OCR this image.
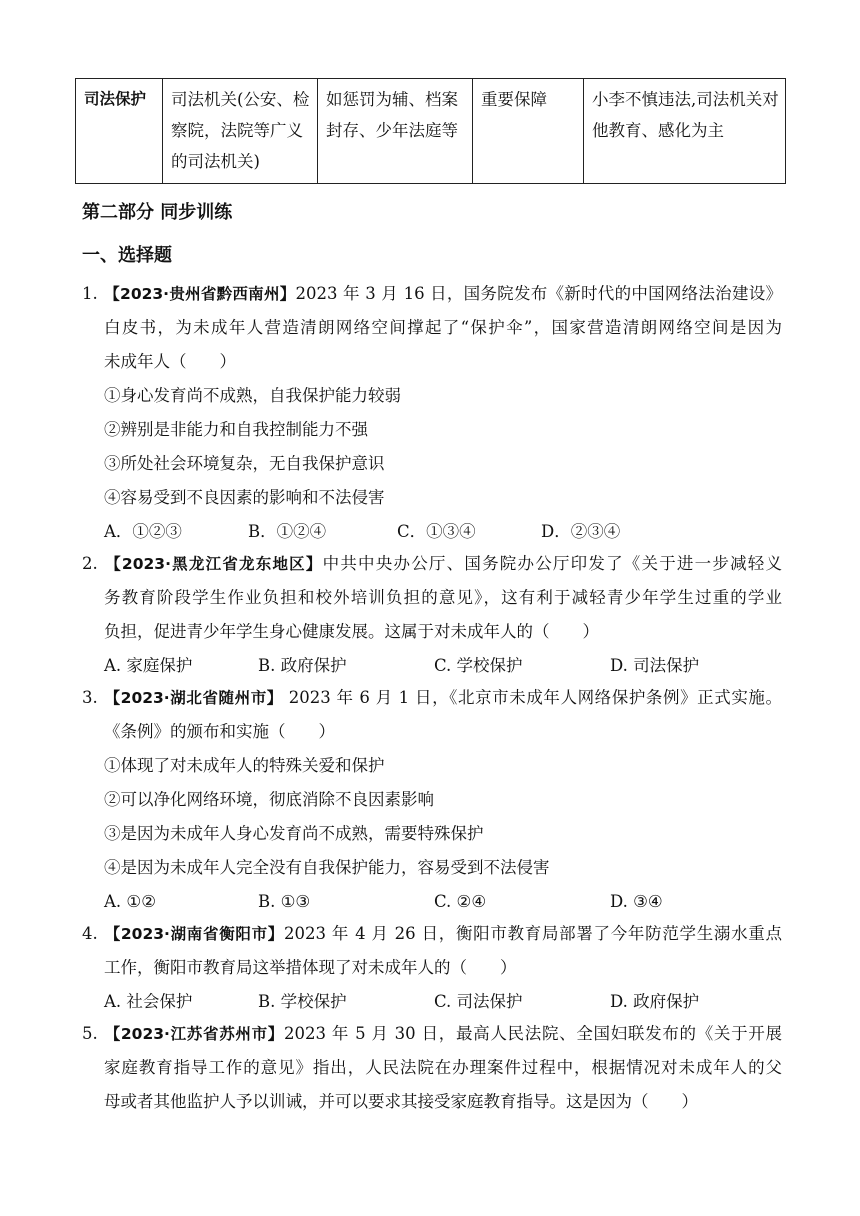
司法保护	司法机关(公安、检察院，法院等广义的司法机关)	如惩罚为辅、档案封存、少年法庭等	重要保障	小李不慎违法,司法机关对他教育、感化为主
第二部分 同步训练
一、选择题
1. 【2023·贵州省黔西南州】2023 年 3 月 16 日，国务院发布《新时代的中国网络法治建设》
白皮书，为未成年人营造清朗网络空间撑起了“保护伞”，国家营造清朗网络空间是因为
未成年人（　　）
①身心发育尚不成熟，自我保护能力较弱
②辨别是非能力和自我控制能力不强
③所处社会环境复杂，无自我保护意识
④容易受到不良因素的影响和不法侵害
A．①②③	B．①②④	C．①③④	D．②③④
2. 【2023·黑龙江省龙东地区】中共中央办公厅、国务院办公厅印发了《关于进一步减轻义
务教育阶段学生作业负担和校外培训负担的意见》，这有利于减轻青少年学生过重的学业
负担，促进青少年学生身心健康发展。这属于对未成年人的（　　）
A. 家庭保护	B. 政府保护	C. 学校保护	D. 司法保护
3. 【2023·湖北省随州市】 2023 年 6 月 1 日，《北京市未成年人网络保护条例》正式实施。
《条例》的颁布和实施（　　）
①体现了对未成年人的特殊关爱和保护
②可以净化网络环境，彻底消除不良因素影响
③是因为未成年人身心发育尚不成熟，需要特殊保护
④是因为未成年人完全没有自我保护能力，容易受到不法侵害
A. ①②	B. ①③	C. ②④	D. ③④
4. 【2023·湖南省衡阳市】2023 年 4 月 26 日，衡阳市教育局部署了今年防范学生溺水重点
工作，衡阳市教育局这举措体现了对未成年人的（　　）
A. 社会保护	B. 学校保护	C. 司法保护	D. 政府保护
5. 【2023·江苏省苏州市】2023 年 5 月 30 日，最高人民法院、全国妇联发布的《关于开展
家庭教育指导工作的意见》指出，人民法院在办理案件过程中，根据情况对未成年人的父
母或者其他监护人予以训诫，并可以要求其接受家庭教育指导。这是因为（　　）
